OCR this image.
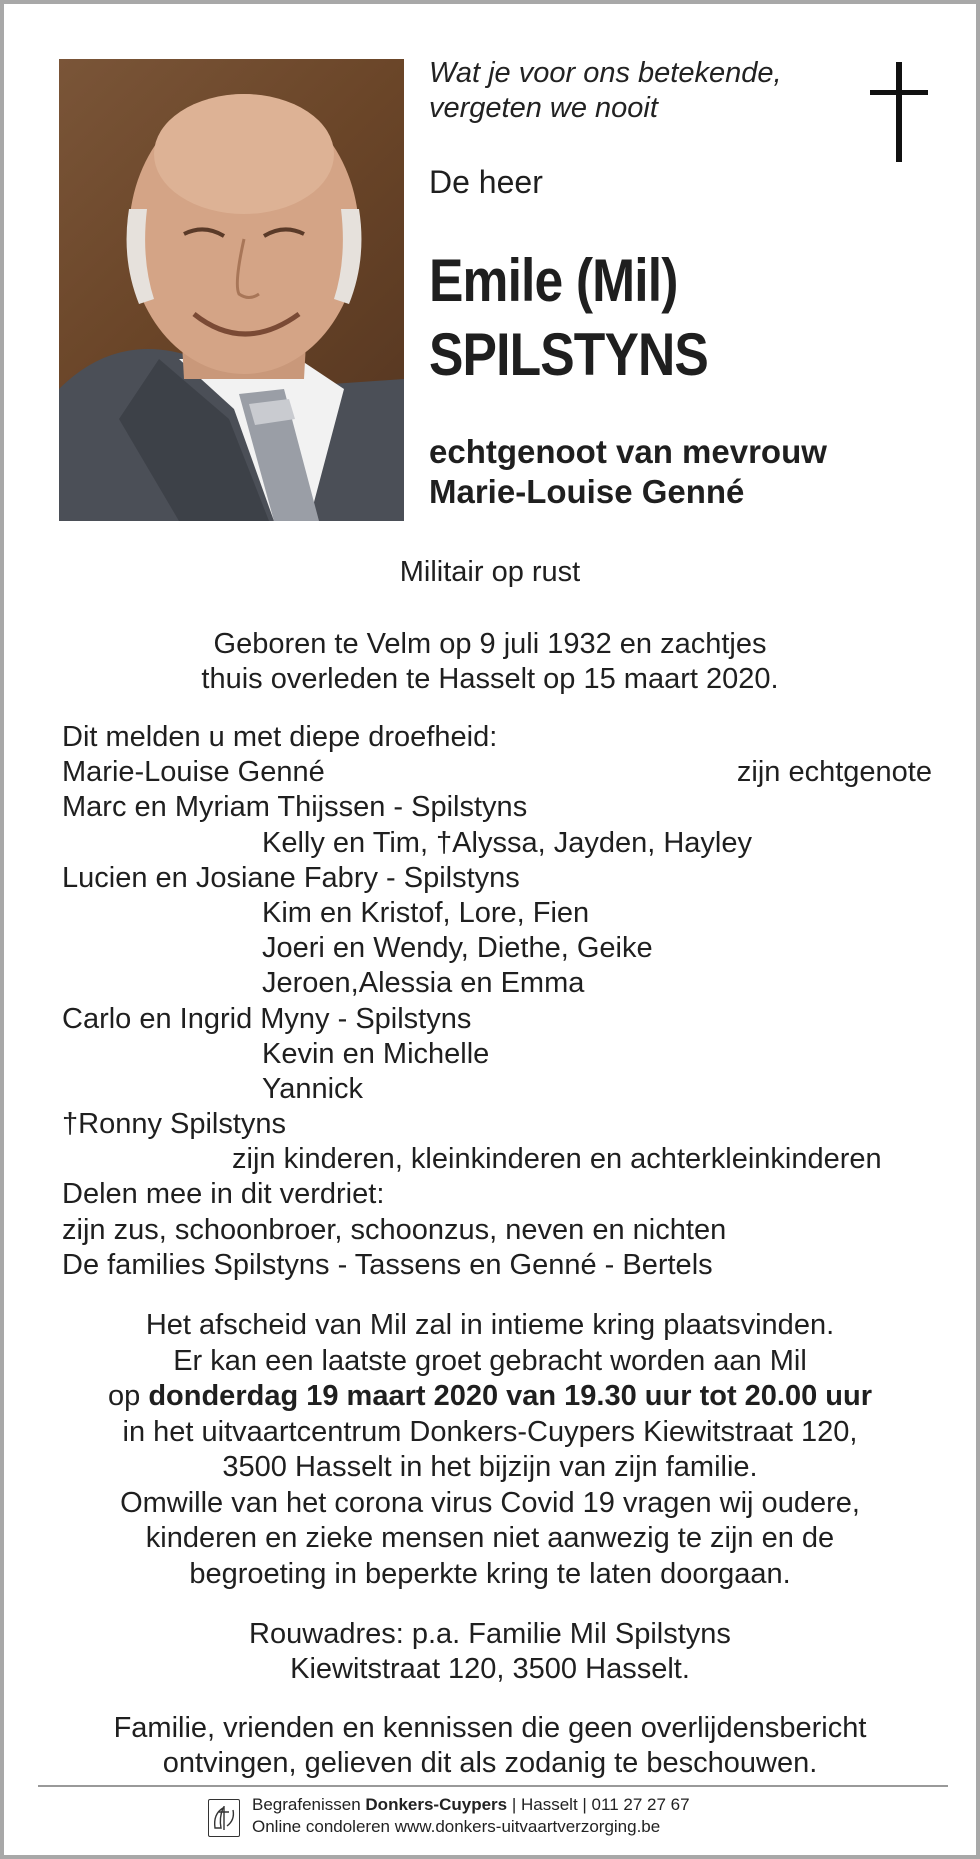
Wat je voor ons betekende,
vergeten we nooit
De heer
Emile (Mil)
SPILSTYNS
echtgenoot van mevrouw
Marie-Louise Genné
Militair op rust
Geboren te Velm op 9 juli 1932 en zachtjes
thuis overleden te Hasselt op 15 maart 2020.
Dit melden u met diepe droefheid:
Marie-Louise Genné	zijn echtgenote
Marc en Myriam Thijssen - Spilstyns
Kelly en Tim, †Alyssa, Jayden, Hayley
Lucien en Josiane Fabry - Spilstyns
Kim en Kristof, Lore, Fien
Joeri en Wendy, Diethe, Geike
Jeroen,Alessia en Emma
Carlo en Ingrid Myny - Spilstyns
Kevin en Michelle
Yannick
†Ronny Spilstyns
zijn kinderen, kleinkinderen en achterkleinkinderen
Delen mee in dit verdriet:
zijn zus, schoonbroer, schoonzus, neven en nichten
De families Spilstyns - Tassens en Genné - Bertels
Het afscheid van Mil zal in intieme kring plaatsvinden.
Er kan een laatste groet gebracht worden aan Mil
op donderdag 19 maart 2020 van 19.30 uur tot 20.00 uur
in het uitvaartcentrum Donkers-Cuypers Kiewitstraat 120,
3500 Hasselt in het bijzijn van zijn familie.
Omwille van het corona virus Covid 19 vragen wij oudere,
kinderen en zieke mensen niet aanwezig te zijn en de
begroeting in beperkte kring te laten doorgaan.
Rouwadres: p.a. Familie Mil Spilstyns
Kiewitstraat 120, 3500 Hasselt.
Familie, vrienden en kennissen die geen overlijdensbericht
ontvingen, gelieven dit als zodanig te beschouwen.
Begrafenissen Donkers-Cuypers | Hasselt | 011 27 27 67
Online condoleren www.donkers-uitvaartverzorging.be
